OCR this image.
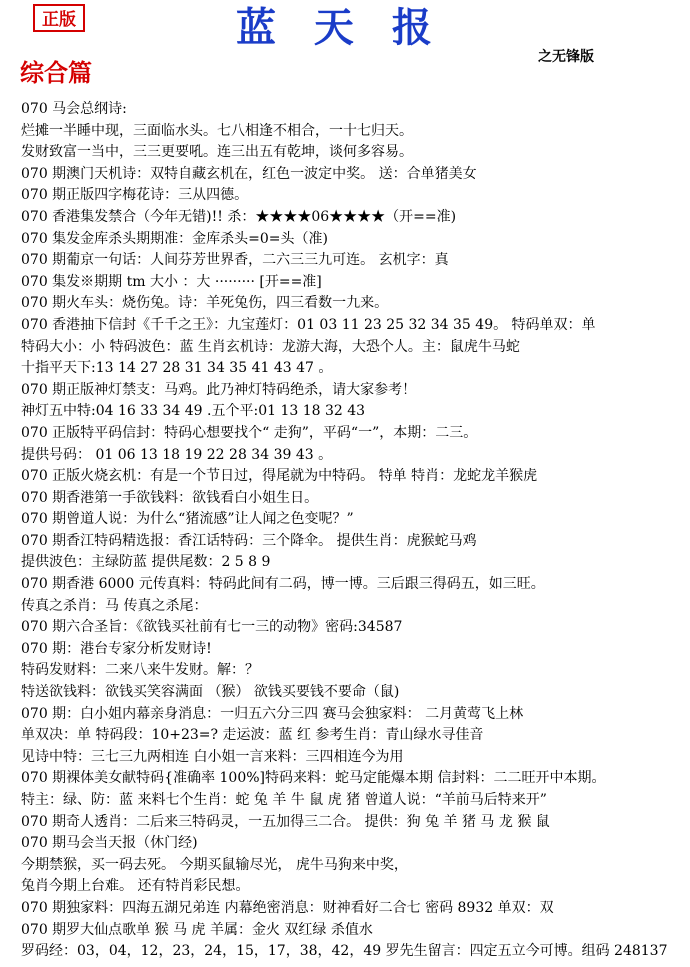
正版	蓝 天 报
之无锋版
综合篇
070 马会总纲诗:
烂摊一半睡中现，三面临水头。七八相逢不相合，一十七归天。
发财致富一当中，三三更要吼。连三出五有乾坤，谈何多容易。
070 期澳门天机诗：双特自藏玄机在，红色一波定中奖。 送：合单猪美女
070 期正版四字梅花诗：三从四德。
070 香港集发禁合（今年无错)!! 杀：★★★★06★★★★（开==准)
070 集发金库杀头期期准：金库杀头=0=头（准)
070 期葡京一句话：人间芬芳世界香，二六三三九可连。 玄机字：真
070 集发※期期 tm 大小 ：大 ········· [开==准]
070 期火车头：烧伤兔。诗：羊死兔伤，四三看数一九来。
070 香港抽下信封《千千之王》：九宝莲灯：01 03 11 23 25 32 34 35 49。 特码单双：单
特码大小：小 特码波色：蓝 生肖玄机诗：龙游大海，大恐个人。主：鼠虎牛马蛇
十指平天下:13 14 27 28 31 34 35 41 43 47 。
070 期正版神灯禁支：马鸡。此乃神灯特码绝杀，请大家参考！
神灯五中特:04 16 33 34 49 .五个平:01 13 18 32 43
070 正版特平码信封：特码心想要找个“ 走狗”，平码“一”，本期：二三。
提供号码： 01 06 13 18 19 22 28 34 39 43 。
070 正版火烧玄机：有是一个节日过，得尾就为中特码。 特单 特肖：龙蛇龙羊猴虎
070 期香港第一手欲钱料：欲钱看白小姐生日。
070 期曾道人说：为什么“猪流感”让人闻之色变呢？”
070 期香江特码精选报：香江话特码：三个降伞。 提供生肖：虎猴蛇马鸡
提供波色：主绿防蓝 提供尾数：2 5 8 9
070 期香港 6000 元传真料：特码此间有二码，博一博。三后跟三得码五，如三旺。
传真之杀肖：马 传真之杀尾：
070 期六合圣旨：《欲钱买社前有七一三的动物》密码:34587
070 期：港台专家分析发财诗!
特码发财料：二来八来牛发财。解：？
特送欲钱料：欲钱买笑容满面 （猴） 欲钱买要钱不要命（鼠)
070 期：白小姐内幕亲身消息：一归五六分三四 赛马会独家料： 二月黄莺飞上林
单双决：单 特码段：10+23=? 走运波：蓝 红 参考生肖：青山绿水寻佳音
见诗中特：三七三九两相连 白小姐一言来料：三四相连今为用
070 期裸体美女献特码{准确率 100%]特码来料：蛇马定能爆本期 信封料：二二旺开中本期。
特主：绿、防：蓝 来料七个生肖：蛇 兔 羊 牛 鼠 虎 猪 曾道人说：“羊前马后特来开”
070 期奇人透肖：二后来三特码灵，一五加得三二合。 提供：狗 兔 羊 猪 马 龙 猴 鼠
070 期马会当天报（休门经)
今期禁猴，买一码去死。 今期买鼠输尽光， 虎牛马狗来中奖，
兔肖今期上台难。 还有特肖彩民想。
070 期独家料：四海五湖兄弟连 内幕绝密消息：财神看好二合七 密码 8932 单双：双
070 期罗大仙点歌单 猴 马 虎 羊属：金火 双红绿 杀值水
罗码经：03，04，12，23，24，15，17，38，42，49 罗先生留言：四定五立今可博。组码 248137
